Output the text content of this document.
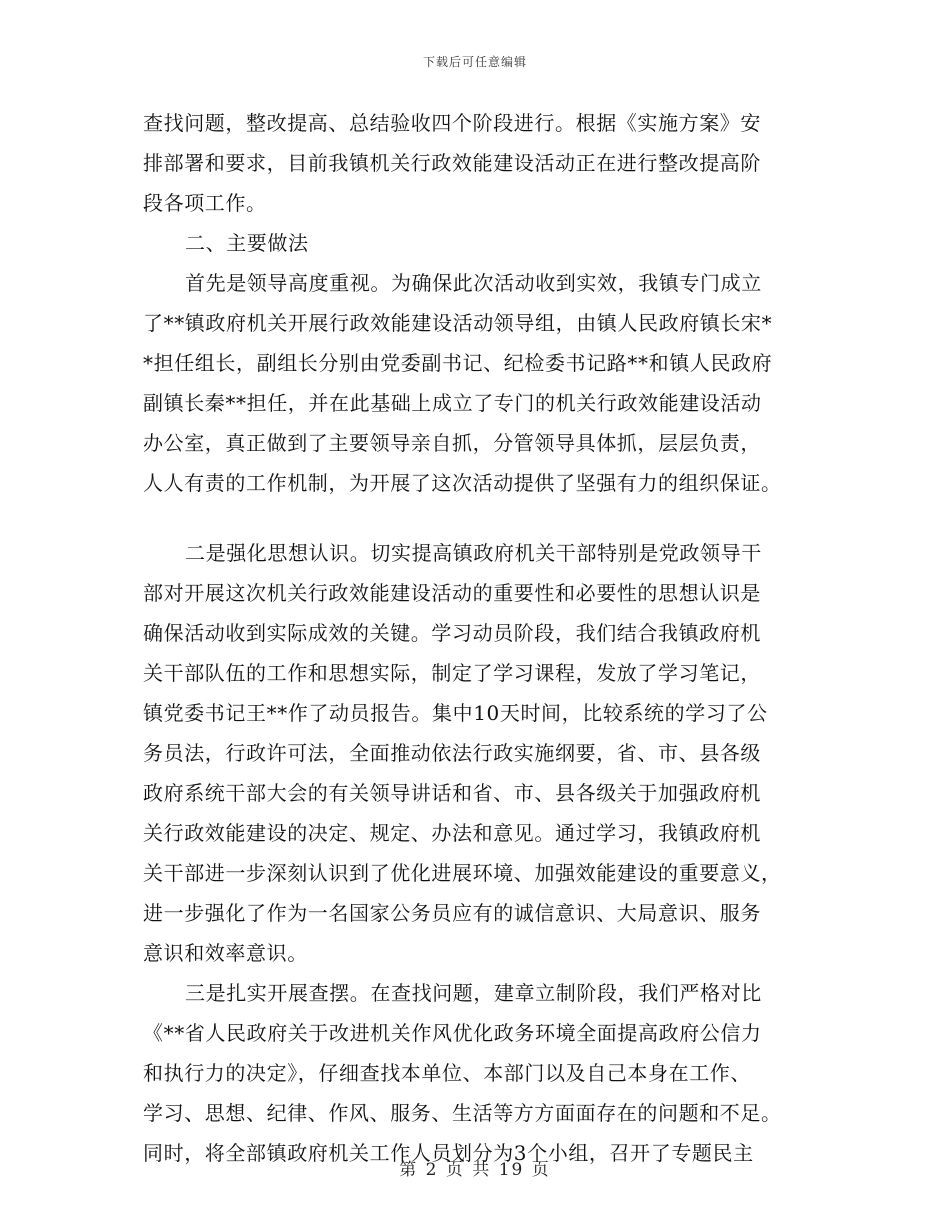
下载后可任意编辑
查找问题，整改提高、总结验收四个阶段进行。根据《实施方案》安
排部署和要求，目前我镇机关行政效能建设活动正在进行整改提高阶
段各项工作。
二、主要做法
首先是领导高度重视。为确保此次活动收到实效，我镇专门成立
了**镇政府机关开展行政效能建设活动领导组，由镇人民政府镇长宋*
*担任组长，副组长分别由党委副书记、纪检委书记路**和镇人民政府
副镇长秦**担任，并在此基础上成立了专门的机关行政效能建设活动
办公室，真正做到了主要领导亲自抓，分管领导具体抓，层层负责，
人人有责的工作机制，为开展了这次活动提供了坚强有力的组织保证。
二是强化思想认识。切实提高镇政府机关干部特别是党政领导干
部对开展这次机关行政效能建设活动的重要性和必要性的思想认识是
确保活动收到实际成效的关键。学习动员阶段，我们结合我镇政府机
关干部队伍的工作和思想实际，制定了学习课程，发放了学习笔记，
镇党委书记王**作了动员报告。集中10天时间，比较系统的学习了公
务员法，行政许可法，全面推动依法行政实施纲要，省、市、县各级
政府系统干部大会的有关领导讲话和省、市、县各级关于加强政府机
关行政效能建设的决定、规定、办法和意见。通过学习，我镇政府机
关干部进一步深刻认识到了优化进展环境、加强效能建设的重要意义，
进一步强化了作为一名国家公务员应有的诚信意识、大局意识、服务
意识和效率意识。
三是扎实开展查摆。在查找问题，建章立制阶段，我们严格对比
《**省人民政府关于改进机关作风优化政务环境全面提高政府公信力
和执行力的决定》，仔细查找本单位、本部门以及自己本身在工作、
学习、思想、纪律、作风、服务、生活等方方面面存在的问题和不足。
同时，将全部镇政府机关工作人员划分为3个小组，召开了专题民主
第 2 页 共 19 页
